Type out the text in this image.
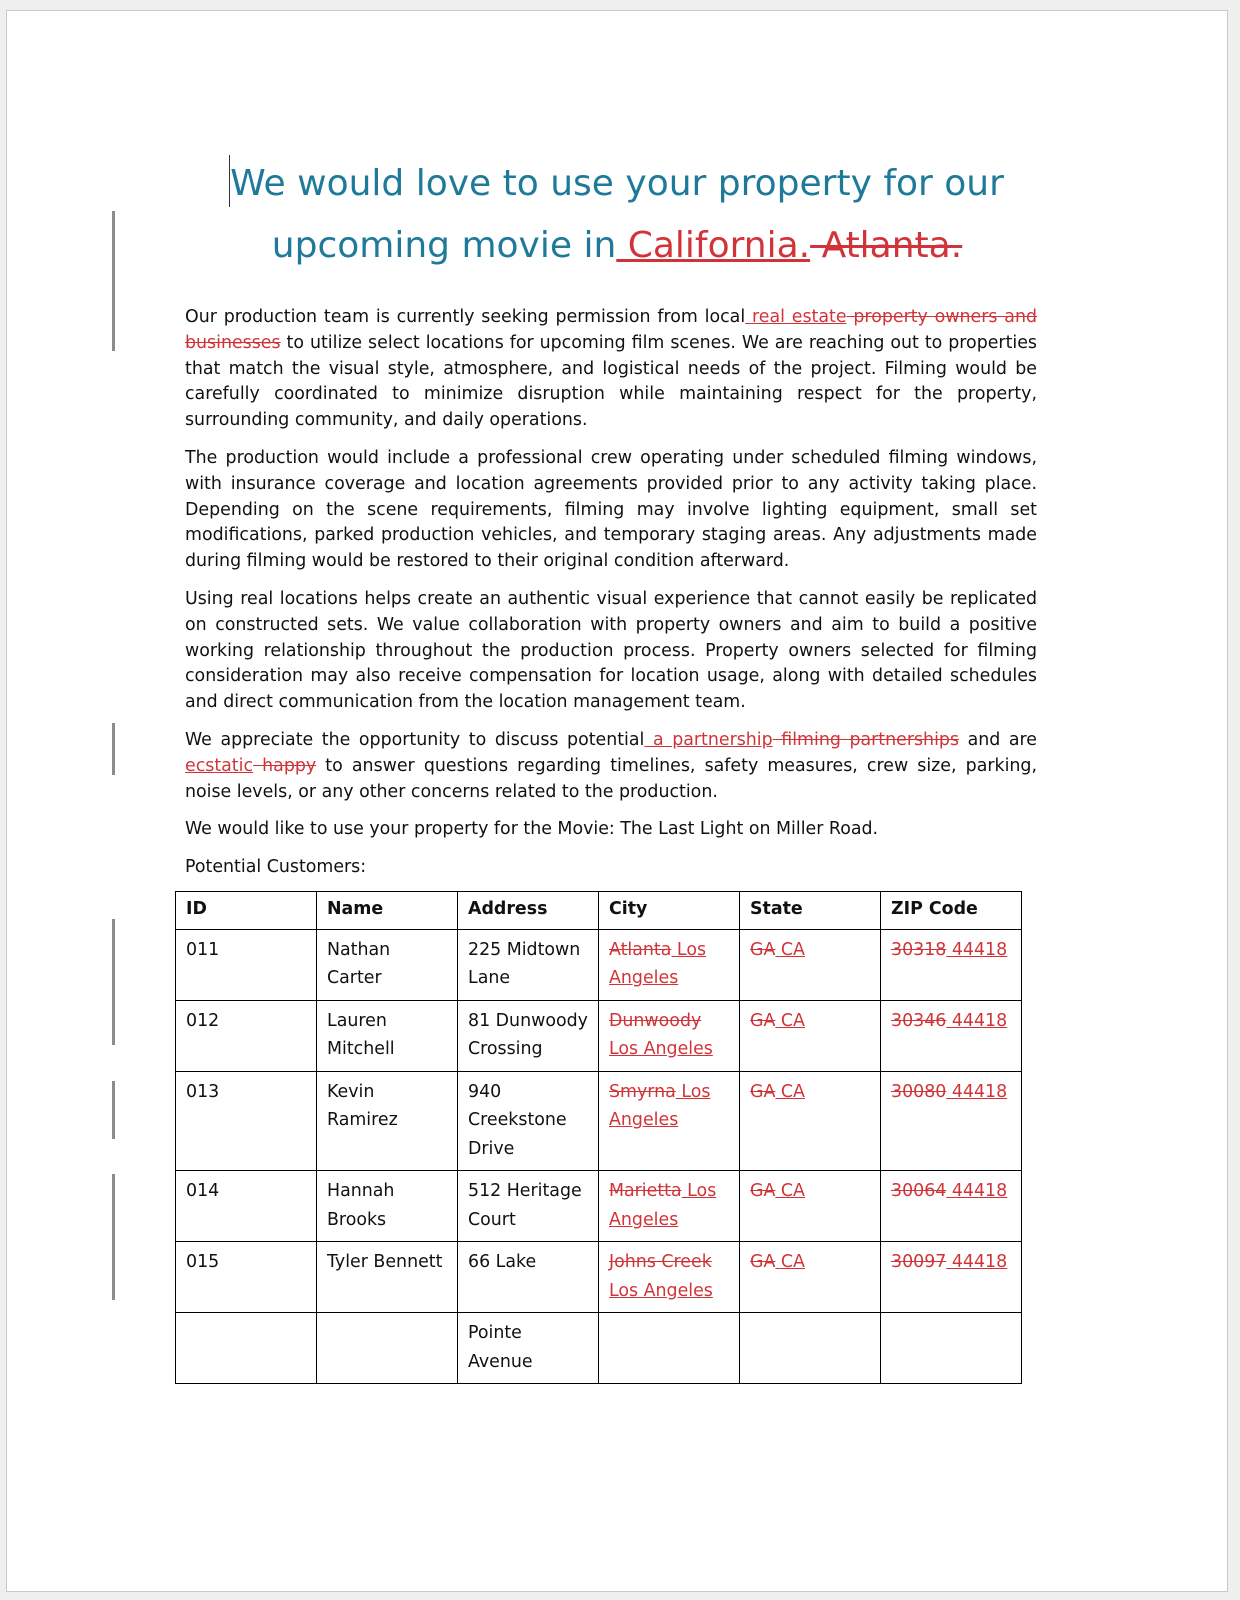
We would love to use your property for our
upcoming movie in California. Atlanta.

Our production team is currently seeking permission from local real estate property owners and businesses to utilize select locations for upcoming film scenes. We are reaching out to properties that match the visual style, atmosphere, and logistical needs of the project. Filming would be carefully coordinated to minimize disruption while maintaining respect for the property, surrounding community, and daily operations.

The production would include a professional crew operating under scheduled filming windows, with insurance coverage and location agreements provided prior to any activity taking place. Depending on the scene requirements, filming may involve lighting equipment, small set modifications, parked production vehicles, and temporary staging areas. Any adjustments made during filming would be restored to their original condition afterward.

Using real locations helps create an authentic visual experience that cannot easily be replicated on constructed sets. We value collaboration with property owners and aim to build a positive working relationship throughout the production process. Property owners selected for filming consideration may also receive compensation for location usage, along with detailed schedules and direct communication from the location management team.

We appreciate the opportunity to discuss potential a partnership filming partnerships and are ecstatic happy to answer questions regarding timelines, safety measures, crew size, parking, noise levels, or any other concerns related to the production.

We would like to use your property for the Movie: The Last Light on Miller Road.

Potential Customers:

ID	Name	Address	City	State	ZIP Code
011	Nathan Carter	225 Midtown Lane	Atlanta Los Angeles	GA CA	30318 44418
012	Lauren Mitchell	81 Dunwoody Crossing	Dunwoody Los Angeles	GA CA	30346 44418
013	Kevin Ramirez	940 Creekstone Drive	Smyrna Los Angeles	GA CA	30080 44418
014	Hannah Brooks	512 Heritage Court	Marietta Los Angeles	GA CA	30064 44418
015	Tyler Bennett	66 Lake	Johns Creek Los Angeles	GA CA	30097 44418
		Pointe Avenue			
